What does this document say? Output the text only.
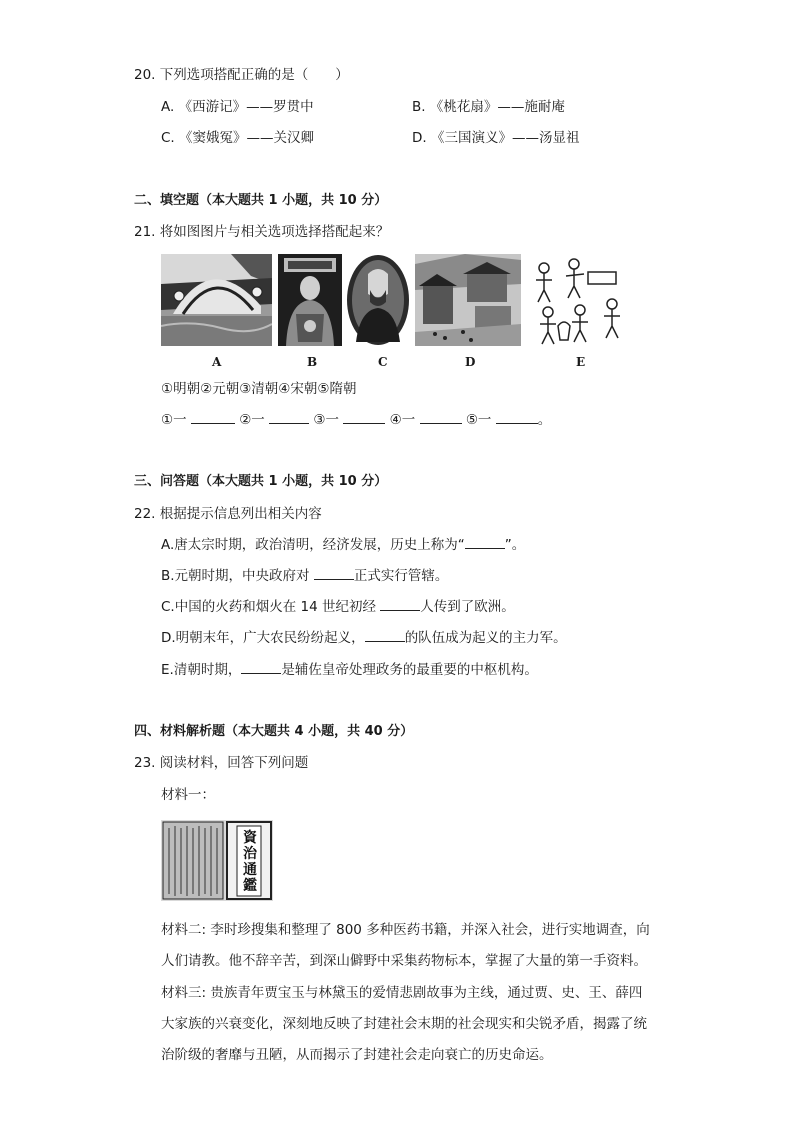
20. 下列选项搭配正确的是（　　）
A. 《西游记》——罗贯中	B. 《桃花扇》——施耐庵
C. 《窦娥冤》——关汉卿	D. 《三国演义》——汤显祖
二、填空题（本大题共 1 小题，共 10 分）
21. 将如图图片与相关选项选择搭配起来？
A	B	C	D	E
①明朝②元朝③清朝④宋朝⑤隋朝
①一	②一	③一	④一	⑤一	。
三、问答题（本大题共 1 小题，共 10 分）
22. 根据提示信息列出相关内容
A.唐太宗时期，政治清明，经济发展，历史上称为“	”。
B.元朝时期，中央政府对	正式实行管辖。
C.中国的火药和烟火在 14 世纪初经	人传到了欧洲。
D.明朝末年，广大农民纷纷起义，	的队伍成为起义的主力军。
E.清朝时期，	是辅佐皇帝处理政务的最重要的中枢机构。
四、材料解析题（本大题共 4 小题，共 40 分）
23. 阅读材料，回答下列问题
材料一：
資治通鑑
材料二: 李时珍搜集和整理了 800 多种医药书籍，并深入社会，进行实地调查，向
人们请教。他不辞辛苦，到深山僻野中采集药物标本，掌握了大量的第一手资料。
材料三: 贵族青年贾宝玉与林黛玉的爱情悲剧故事为主线，通过贾、史、王、薛四
大家族的兴衰变化，深刻地反映了封建社会末期的社会现实和尖锐矛盾，揭露了统
治阶级的奢靡与丑陋，从而揭示了封建社会走向衰亡的历史命运。
